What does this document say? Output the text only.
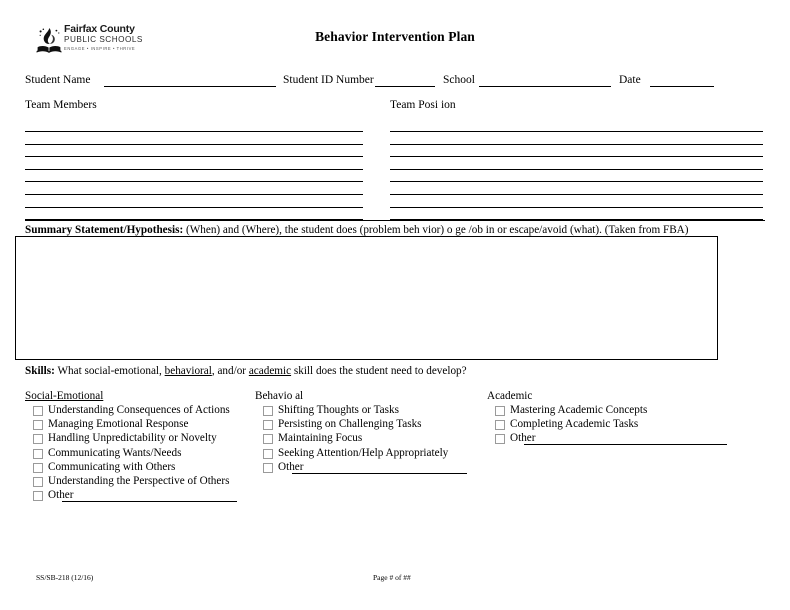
Fairfax County
PUBLIC SCHOOLS
ENGAGE • INSPIRE • THRIVE
Behavior Intervention Plan
Student Name	Student ID Number	School	Date
Team Members	Team Posi ion
Summary Statement/Hypothesis: (When) and (Where), the student does (problem beh vior) o ge /ob in or escape/avoid (what). (Taken from FBA)
Skills: What social-emotional, behavioral, and/or academic skill does the student need to develop?
Social-Emotional
Understanding Consequences of Actions
Managing Emotional Response
Handling Unpredictability or Novelty
Communicating Wants/Needs
Communicating with Others
Understanding the Perspective of Others
Other
Behavio al
Shifting Thoughts or Tasks
Persisting on Challenging Tasks
Maintaining Focus
Seeking Attention/Help Appropriately
Other
Academic
Mastering Academic Concepts
Completing Academic Tasks
Other
SS/SB-218 (12/16)	Page # of ##
